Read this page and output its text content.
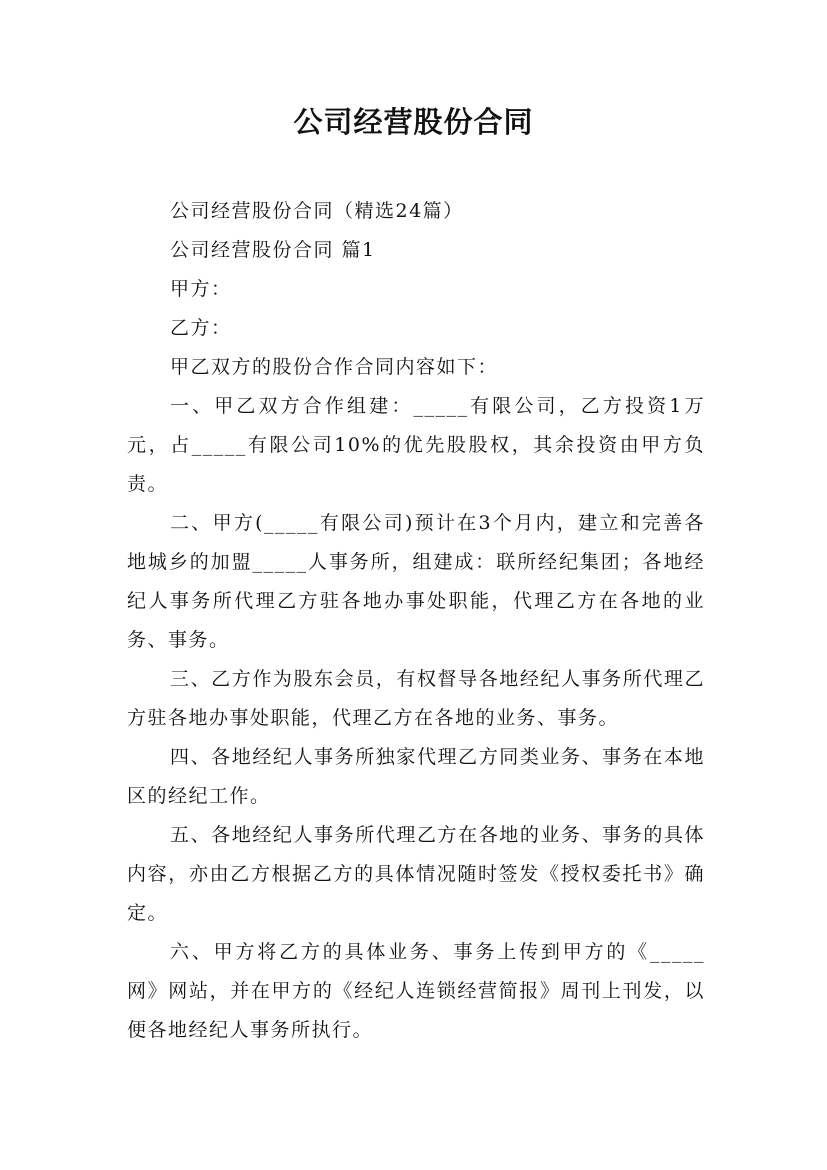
公司经营股份合同

公司经营股份合同（精选24篇）

公司经营股份合同 篇1

甲方：

乙方：

甲乙双方的股份合作合同内容如下：

一、甲乙双方合作组建：_____有限公司，乙方投资1万元，占_____有限公司10%的优先股股权，其余投资由甲方负责。

二、甲方(_____有限公司)预计在3个月内，建立和完善各地城乡的加盟_____人事务所，组建成：联所经纪集团；各地经纪人事务所代理乙方驻各地办事处职能，代理乙方在各地的业务、事务。

三、乙方作为股东会员，有权督导各地经纪人事务所代理乙方驻各地办事处职能，代理乙方在各地的业务、事务。

四、各地经纪人事务所独家代理乙方同类业务、事务在本地区的经纪工作。

五、各地经纪人事务所代理乙方在各地的业务、事务的具体内容，亦由乙方根据乙方的具体情况随时签发《授权委托书》确定。

六、甲方将乙方的具体业务、事务上传到甲方的《_____网》网站，并在甲方的《经纪人连锁经营简报》周刊上刊发，以便各地经纪人事务所执行。
